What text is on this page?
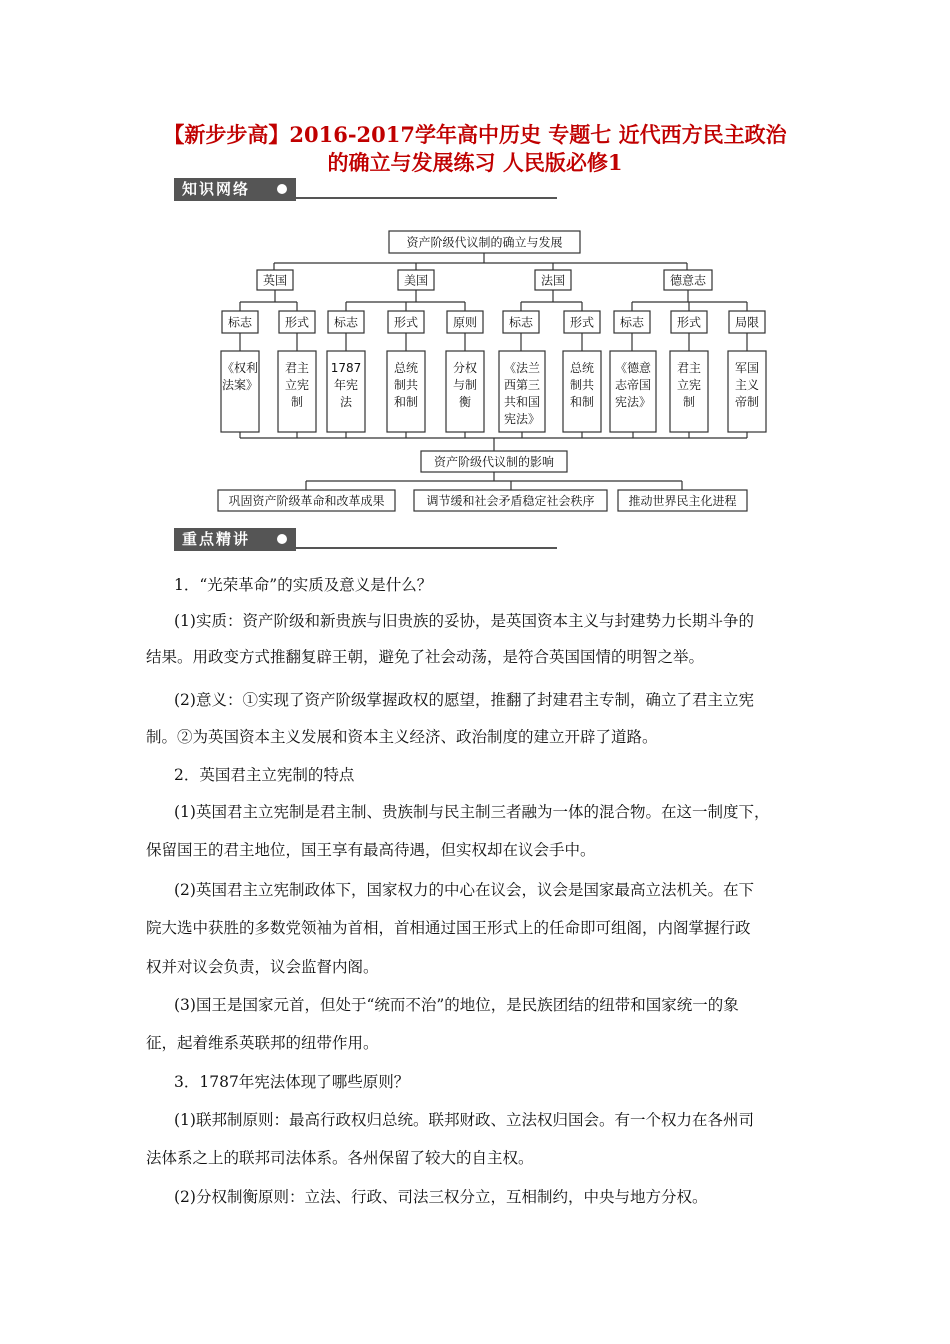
【新步步高】2016-2017学年高中历史 专题七 近代西方民主政治
的确立与发展练习 人民版必修1
知识网络
资产阶级代议制的确立与发展
英国	美国	法国	德意志
标志	形式 标志	形式	原则	标志	形式 标志	形式	局限
《权利
法案》
君主
立宪
制
1787
年宪
法
总统
制共
和制
分权
与制
衡
《法兰
西第三
共和国
宪法》
总统
制共
和制
《德意
志帝国
宪法》
君主
立宪
制
军国
主义
帝制
资产阶级代议制的影响
巩固资产阶级革命和改革成果	调节缓和社会矛盾稳定社会秩序	推动世界民主化进程
重点精讲
1．“光荣革命”的实质及意义是什么？
(1)实质：资产阶级和新贵族与旧贵族的妥协，是英国资本主义与封建势力长期斗争的
结果。用政变方式推翻复辟王朝，避免了社会动荡，是符合英国国情的明智之举。
(2)意义：①实现了资产阶级掌握政权的愿望，推翻了封建君主专制，确立了君主立宪
制。②为英国资本主义发展和资本主义经济、政治制度的建立开辟了道路。
2．英国君主立宪制的特点
(1)英国君主立宪制是君主制、贵族制与民主制三者融为一体的混合物。在这一制度下，
保留国王的君主地位，国王享有最高待遇，但实权却在议会手中。
(2)英国君主立宪制政体下，国家权力的中心在议会，议会是国家最高立法机关。在下
院大选中获胜的多数党领袖为首相，首相通过国王形式上的任命即可组阁，内阁掌握行政
权并对议会负责，议会监督内阁。
(3)国王是国家元首，但处于“统而不治”的地位，是民族团结的纽带和国家统一的象
征，起着维系英联邦的纽带作用。
3．1787年宪法体现了哪些原则？
(1)联邦制原则：最高行政权归总统。联邦财政、立法权归国会。有一个权力在各州司
法体系之上的联邦司法体系。各州保留了较大的自主权。
(2)分权制衡原则：立法、行政、司法三权分立，互相制约，中央与地方分权。
